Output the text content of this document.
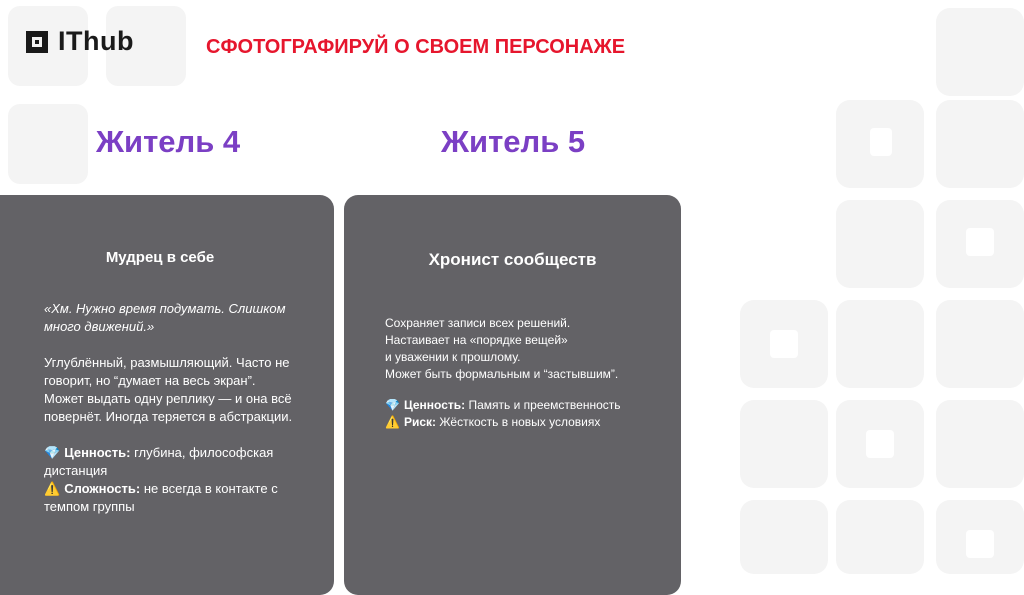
IThub	СФОТОГРАФИРУЙ О СВОЕМ ПЕРСОНАЖЕ
Житель 4	Житель 5
Мудрец в себе

«Хм. Нужно время подумать. Слишком
много движений.»

Углублённый, размышляющий. Часто не
говорит, но “думает на весь экран”.
Может выдать одну реплику — и она всё
повернёт. Иногда теряется в абстракции.

💎 Ценность: глубина, философская
дистанция

⚠️ Сложность: не всегда в контакте с
темпом группы

Хронист сообществ

Сохраняет записи всех решений.
Настаивает на «порядке вещей»
и уважении к прошлому.
Может быть формальным и “застывшим”.

💎 Ценность: Память и преемственность

⚠️ Риск: Жёсткость в новых условиях
